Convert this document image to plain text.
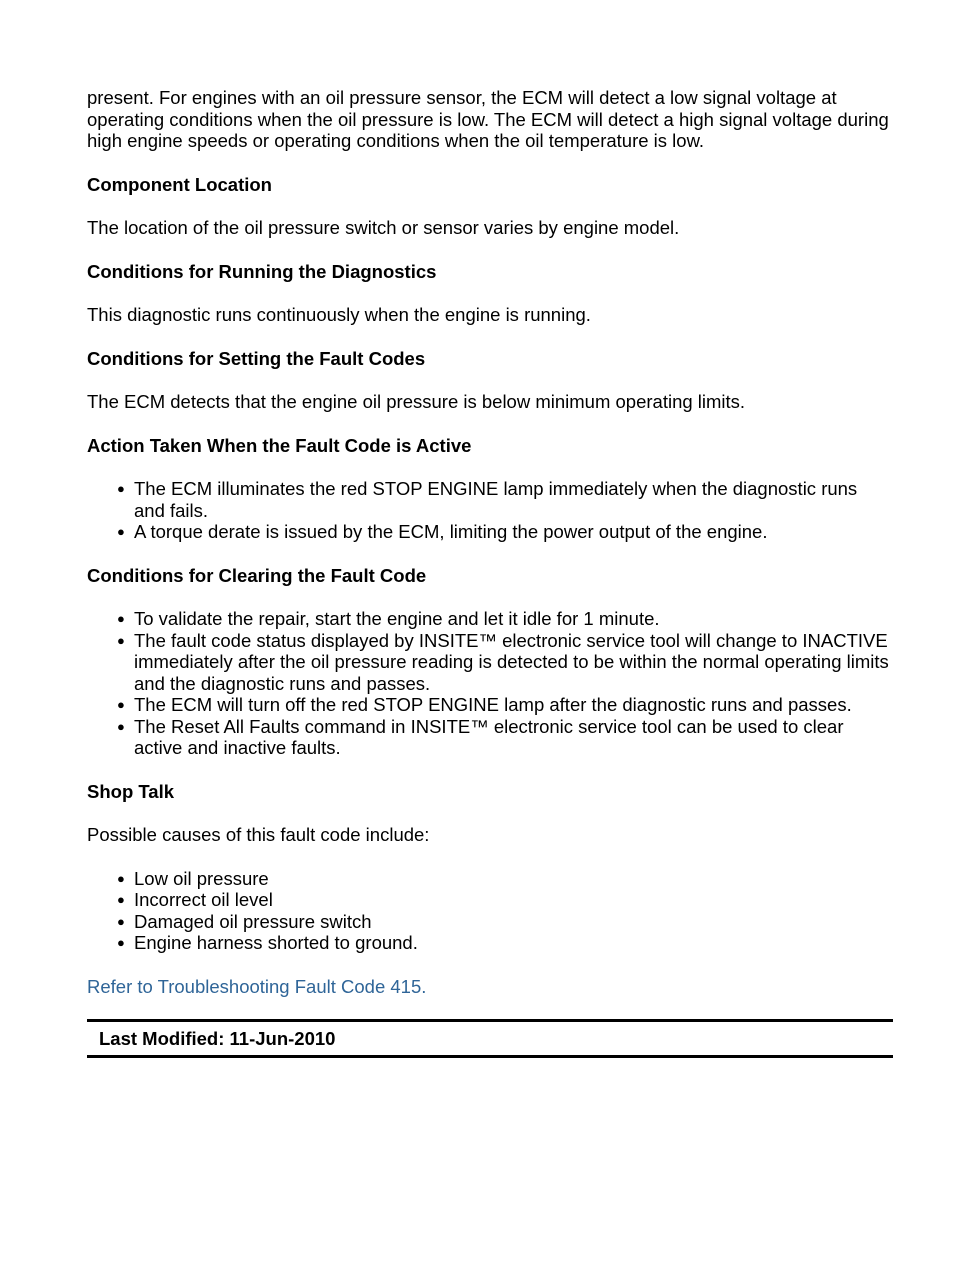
present. For engines with an oil pressure sensor, the ECM will detect a low signal voltage at operating conditions when the oil pressure is low. The ECM will detect a high signal voltage during high engine speeds or operating conditions when the oil temperature is low.

Component Location

The location of the oil pressure switch or sensor varies by engine model.

Conditions for Running the Diagnostics

This diagnostic runs continuously when the engine is running.

Conditions for Setting the Fault Codes

The ECM detects that the engine oil pressure is below minimum operating limits.

Action Taken When the Fault Code is Active
● The ECM illuminates the red STOP ENGINE lamp immediately when the diagnostic runs and fails.
● A torque derate is issued by the ECM, limiting the power output of the engine.
Conditions for Clearing the Fault Code
● To validate the repair, start the engine and let it idle for 1 minute.
● The fault code status displayed by INSITE™ electronic service tool will change to INACTIVE immediately after the oil pressure reading is detected to be within the normal operating limits and the diagnostic runs and passes.
● The ECM will turn off the red STOP ENGINE lamp after the diagnostic runs and passes.
● The Reset All Faults command in INSITE™ electronic service tool can be used to clear active and inactive faults.
Shop Talk

Possible causes of this fault code include:

● Low oil pressure
● Incorrect oil level
● Damaged oil pressure switch
● Engine harness shorted to ground.

Refer to Troubleshooting Fault Code 415.

Last Modified: 11-Jun-2010
